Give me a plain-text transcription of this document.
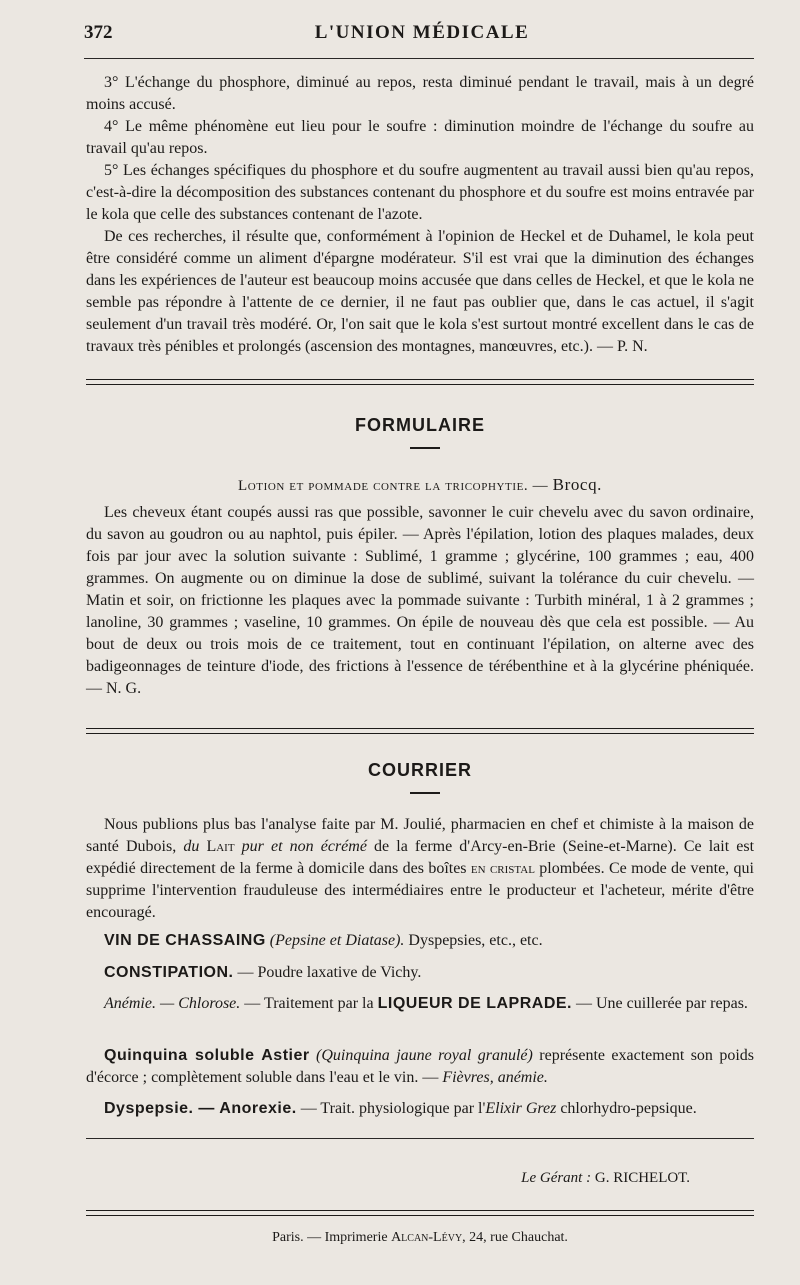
372	L'UNION MÉDICALE

3° L'échange du phosphore, diminué au repos, resta diminué pendant le travail, mais à un degré moins accusé.

4° Le même phénomène eut lieu pour le soufre : diminution moindre de l'échange du soufre au travail qu'au repos.

5° Les échanges spécifiques du phosphore et du soufre augmentent au travail aussi bien qu'au repos, c'est-à-dire la décomposition des substances contenant du phosphore et du soufre est moins entravée par le kola que celle des substances contenant de l'azote.

De ces recherches, il résulte que, conformément à l'opinion de Heckel et de Duhamel, le kola peut être considéré comme un aliment d'épargne modérateur. S'il est vrai que la diminution des échanges dans les expériences de l'auteur est beaucoup moins accusée que dans celles de Heckel, et que le kola ne semble pas répondre à l'attente de ce dernier, il ne faut pas oublier que, dans le cas actuel, il s'agit seulement d'un travail très modéré. Or, l'on sait que le kola s'est surtout montré excellent dans le cas de travaux très pénibles et prolongés (ascension des montagnes, manœuvres, etc.). — P. N.

FORMULAIRE
Lotion et pommade contre la tricophytie. — Brocq.

Les cheveux étant coupés aussi ras que possible, savonner le cuir chevelu avec du savon ordinaire, du savon au goudron ou au naphtol, puis épiler. — Après l'épilation, lotion des plaques malades, deux fois par jour avec la solution suivante : Sublimé, 1 gramme ; glycérine, 100 grammes ; eau, 400 grammes. On augmente ou on diminue la dose de sublimé, suivant la tolérance du cuir chevelu. — Matin et soir, on frictionne les plaques avec la pommade suivante : Turbith minéral, 1 à 2 grammes ; lanoline, 30 grammes ; vaseline, 10 grammes. On épile de nouveau dès que cela est possible. — Au bout de deux ou trois mois de ce traitement, tout en continuant l'épilation, on alterne avec des badigeonnages de teinture d'iode, des frictions à l'essence de térébenthine et à la glycérine phéniquée. — N. G.

COURRIER

Nous publions plus bas l'analyse faite par M. Joulié, pharmacien en chef et chimiste à la maison de santé Dubois, du Lait pur et non écrémé de la ferme d'Arcy-en-Brie (Seine-et-Marne). Ce lait est expédié directement de la ferme à domicile dans des boîtes en cristal plombées. Ce mode de vente, qui supprime l'intervention frauduleuse des intermédiaires entre le producteur et l'acheteur, mérite d'être encouragé.

VIN DE CHASSAING (Pepsine et Diatase). Dyspepsies, etc., etc.
CONSTIPATION. — Poudre laxative de Vichy.
Anémie. — Chlorose. — Traitement par la LIQUEUR DE LAPRADE. — Une cuillerée par repas.
Quinquina soluble Astier (Quinquina jaune royal granulé) représente exactement son poids d'écorce ; complètement soluble dans l'eau et le vin. — Fièvres, anémie.
Dyspepsie. — Anorexie. — Trait. physiologique par l'Elixir Grez chlorhydro-pepsique.
Le Gérant : G. RICHELOT.
Paris. — Imprimerie Alcan-Lévy, 24, rue Chauchat.
